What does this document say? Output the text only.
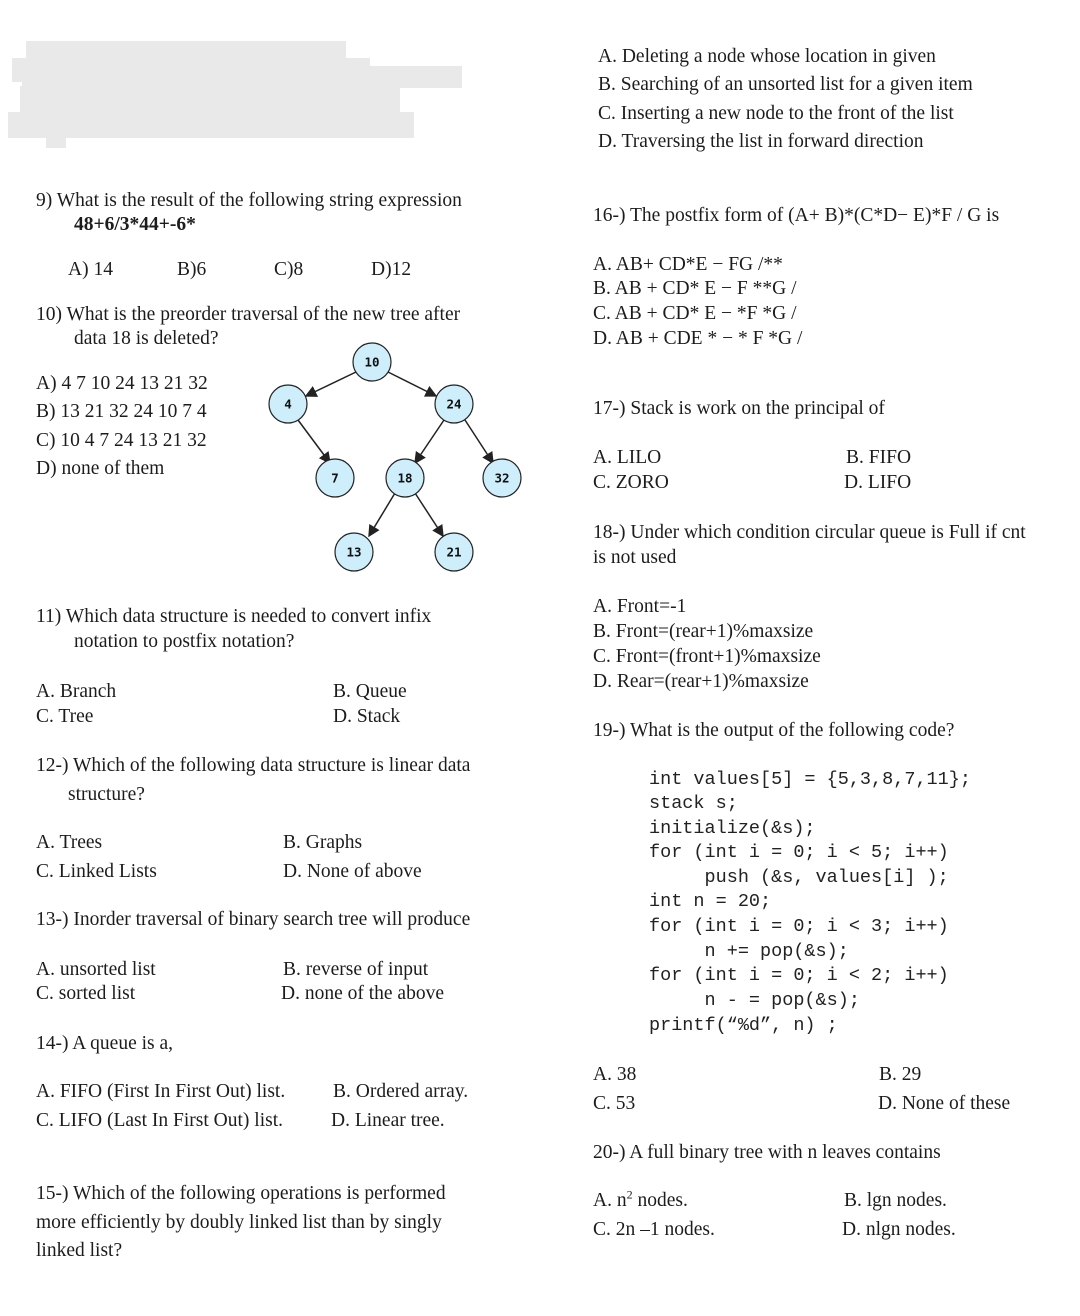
9) What is the result of the following string expression
48+6/3*44+-6*
A) 14	B)6	C)8	D)12
10) What is the preorder traversal of the new tree after
data 18 is deleted?
A) 4 7 10 24 13 21 32
B) 13 21 32 24 10 7 4
C) 10 4 7 24 13 21 32
D) none of them
10
4	24
7	18	32
13	21
11) Which data structure is needed to convert infix
notation to postfix notation?
A. Branch	B. Queue
C. Tree	D. Stack
12-) Which of the following data structure is linear data
structure?
A. Trees	B. Graphs
C. Linked Lists	D. None of above
13-) Inorder traversal of binary search tree will produce
A. unsorted list	B. reverse of input
C. sorted list	D. none of the above
14-) A queue is a,
A. FIFO (First In First Out) list. B. Ordered array.
C. LIFO (Last In First Out) list. D. Linear tree.
15-) Which of the following operations is performed
more efficiently by doubly linked list than by singly
linked list?
A. Deleting a node whose location in given
B. Searching of an unsorted list for a given item
C. Inserting a new node to the front of the list
D. Traversing the list in forward direction
16-) The postfix form of (A+ B)*(C*D− E)*F / G is
A. AB+ CD*E − FG /**
B. AB + CD* E − F **G /
C. AB + CD* E − *F *G /
D. AB + CDE * − * F *G /
17-) Stack is work on the principal of
A. LILO	B. FIFO
C. ZORO	D. LIFO
18-) Under which condition circular queue is Full if cnt
is not used
A. Front=-1
B. Front=(rear+1)%maxsize
C. Front=(front+1)%maxsize
D. Rear=(rear+1)%maxsize
19-) What is the output of the following code?
int values[5] = {5,3,8,7,11};
stack s;
initialize(&s);
for (int i = 0; i < 5; i++)
push (&s, values[i] );
int n = 20;
for (int i = 0; i < 3; i++)
n += pop(&s);
for (int i = 0; i < 2; i++)
n - = pop(&s);
printf(“%d”, n) ;
A. 38	B. 29
C. 53	D. None of these
20-) A full binary tree with n leaves contains
A. $n^2$ nodes.	B. lgn nodes.
C. 2n –1 nodes.	D. nlgn nodes.
